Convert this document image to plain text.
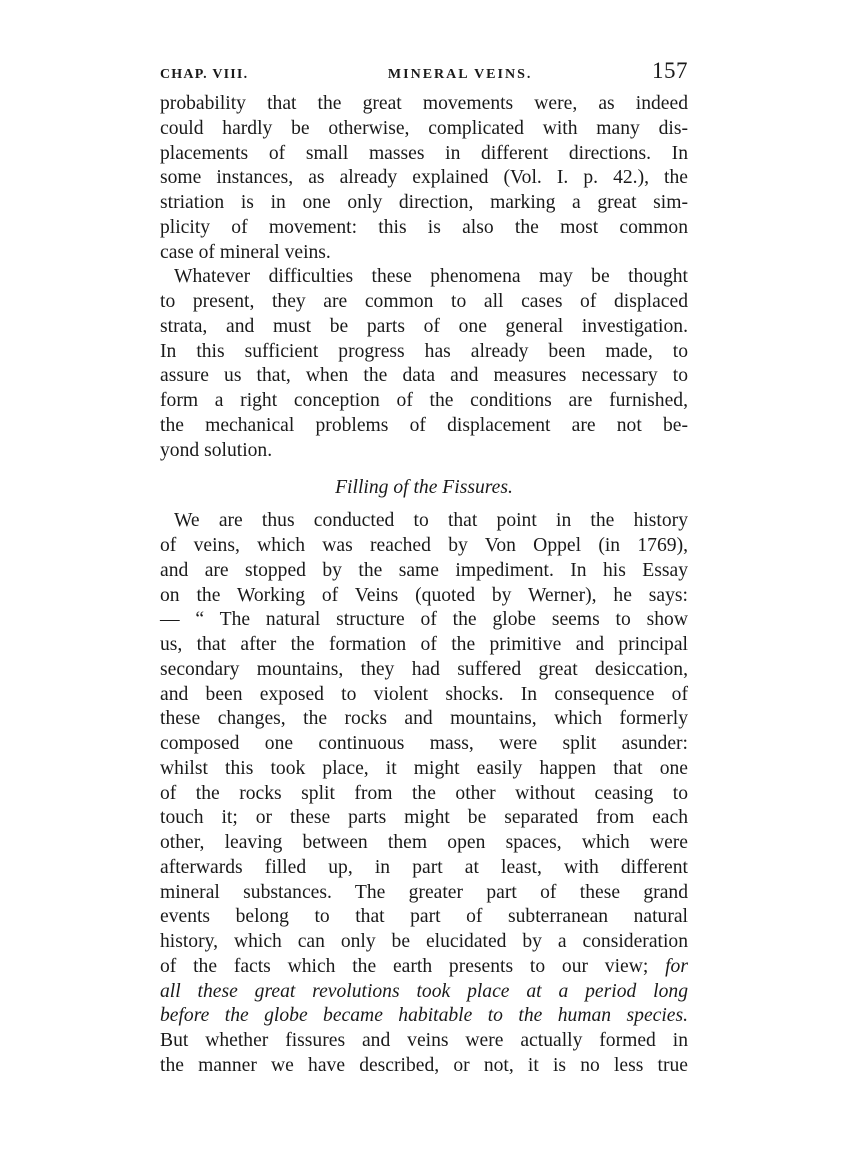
CHAP. VIII.	MINERAL VEINS.	157
probability that the great movements were, as indeed
could hardly be otherwise, complicated with many dis-
placements of small masses in different directions. In
some instances, as already explained (Vol. I. p. 42.), the
striation is in one only direction, marking a great sim-
plicity of movement: this is also the most common
case of mineral veins.
Whatever difficulties these phenomena may be thought
to present, they are common to all cases of displaced
strata, and must be parts of one general investigation.
In this sufficient progress has already been made, to
assure us that, when the data and measures necessary to
form a right conception of the conditions are furnished,
the mechanical problems of displacement are not be-
yond solution.
Filling of the Fissures.
We are thus conducted to that point in the history
of veins, which was reached by Von Oppel (in 1769),
and are stopped by the same impediment. In his Essay
on the Working of Veins (quoted by Werner), he says:
— “ The natural structure of the globe seems to show
us, that after the formation of the primitive and principal
secondary mountains, they had suffered great desiccation,
and been exposed to violent shocks. In consequence of
these changes, the rocks and mountains, which formerly
composed one continuous mass, were split asunder:
whilst this took place, it might easily happen that one
of the rocks split from the other without ceasing to
touch it; or these parts might be separated from each
other, leaving between them open spaces, which were
afterwards filled up, in part at least, with different
mineral substances. The greater part of these grand
events belong to that part of subterranean natural
history, which can only be elucidated by a consideration
of the facts which the earth presents to our view; for
all these great revolutions took place at a period long
before the globe became habitable to the human species.
But whether fissures and veins were actually formed in
the manner we have described, or not, it is no less true
